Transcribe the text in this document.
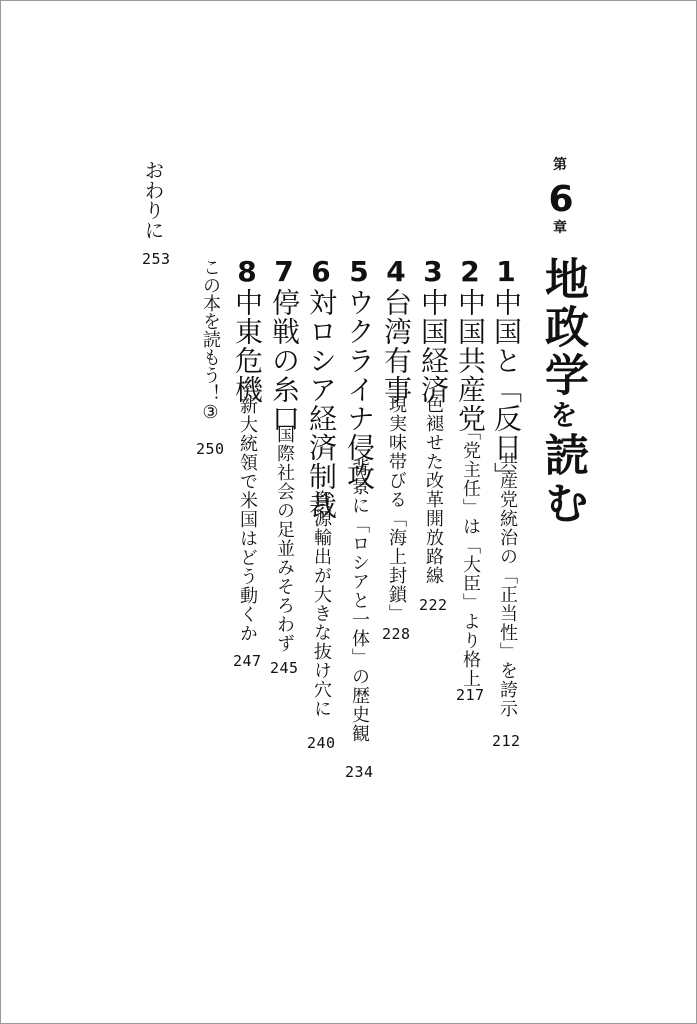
第
6
章
地政学を読む
1
中国と「反日」
共産党統治の「正当性」を誇示
212
2
中国共産党
「党主任」は「大臣」より格上
217
3
中国経済
色褪せた改革開放路線
222
4
台湾有事
現実味帯びる「海上封鎖」
228
5
ウクライナ侵攻
背景に「ロシアと一体」の歴史観
234
6
対ロシア経済制裁
資源輸出が大きな抜け穴に
240
7
停戦の糸口
国際社会の足並みそろわず
245
8
中東危機
新大統領で米国はどう動くか
247
この本を読もう！③
250
おわりに
253
